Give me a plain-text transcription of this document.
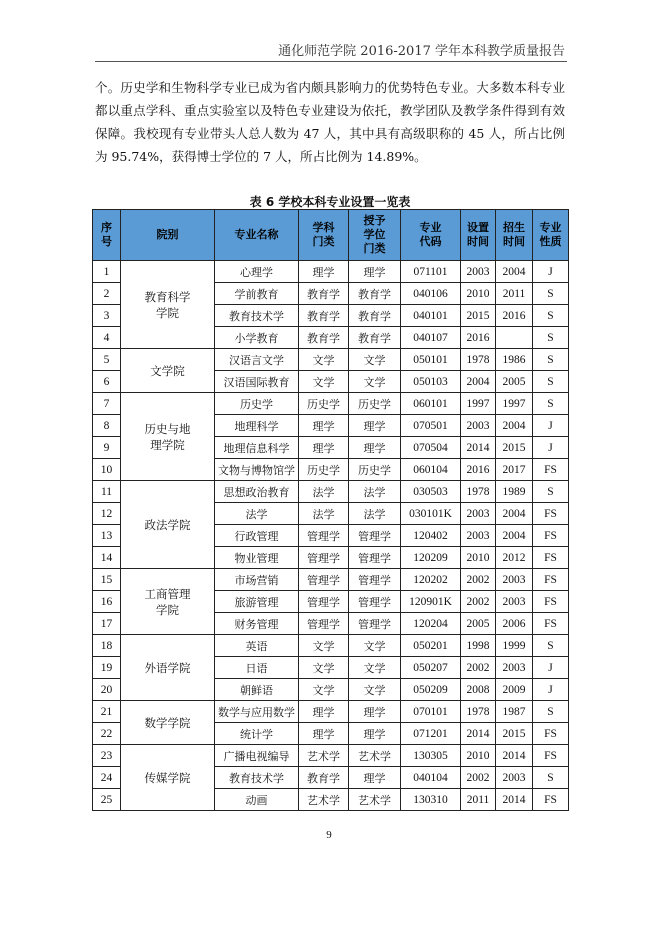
通化师范学院 2016-2017 学年本科教学质量报告

个。历史学和生物科学专业已成为省内颇具影响力的优势特色专业。大多数本科专业都以重点学科、重点实验室以及特色专业建设为依托，教学团队及教学条件得到有效保障。我校现有专业带头人总人数为 47 人，其中具有高级职称的 45 人，所占比例为 95.74%，获得博士学位的 7 人，所占比例为 14.89%。

表 6 学校本科专业设置一览表
序号	院别	专业名称	学科门类	授予学位门类	专业代码	设置时间	招生时间	专业性质
1	教育科学学院	心理学	理学	理学	071101	2003	2004	J
2		学前教育	教育学	教育学	040106	2010	2011	S
3		教育技术学	教育学	教育学	040101	2015	2016	S
4		小学教育	教育学	教育学	040107	2016		S
5	文学院	汉语言文学	文学	文学	050101	1978	1986	S
6		汉语国际教育	文学	文学	050103	2004	2005	S
7	历史与地理学院	历史学	历史学	历史学	060101	1997	1997	S
8		地理科学	理学	理学	070501	2003	2004	J
9		地理信息科学	理学	理学	070504	2014	2015	J
10		文物与博物馆学	历史学	历史学	060104	2016	2017	FS
11	政法学院	思想政治教育	法学	法学	030503	1978	1989	S
12		法学	法学	法学	030101K	2003	2004	FS
13		行政管理	管理学	管理学	120402	2003	2004	FS
14		物业管理	管理学	管理学	120209	2010	2012	FS
15	工商管理学院	市场营销	管理学	管理学	120202	2002	2003	FS
16		旅游管理	管理学	管理学	120901K	2002	2003	FS
17		财务管理	管理学	管理学	120204	2005	2006	FS
18	外语学院	英语	文学	文学	050201	1998	1999	S
19		日语	文学	文学	050207	2002	2003	J
20		朝鲜语	文学	文学	050209	2008	2009	J
21	数学学院	数学与应用数学	理学	理学	070101	1978	1987	S
22		统计学	理学	理学	071201	2014	2015	FS
23	传媒学院	广播电视编导	艺术学	艺术学	130305	2010	2014	FS
24		教育技术学	教育学	理学	040104	2002	2003	S
25		动画	艺术学	艺术学	130310	2011	2014	FS
9
